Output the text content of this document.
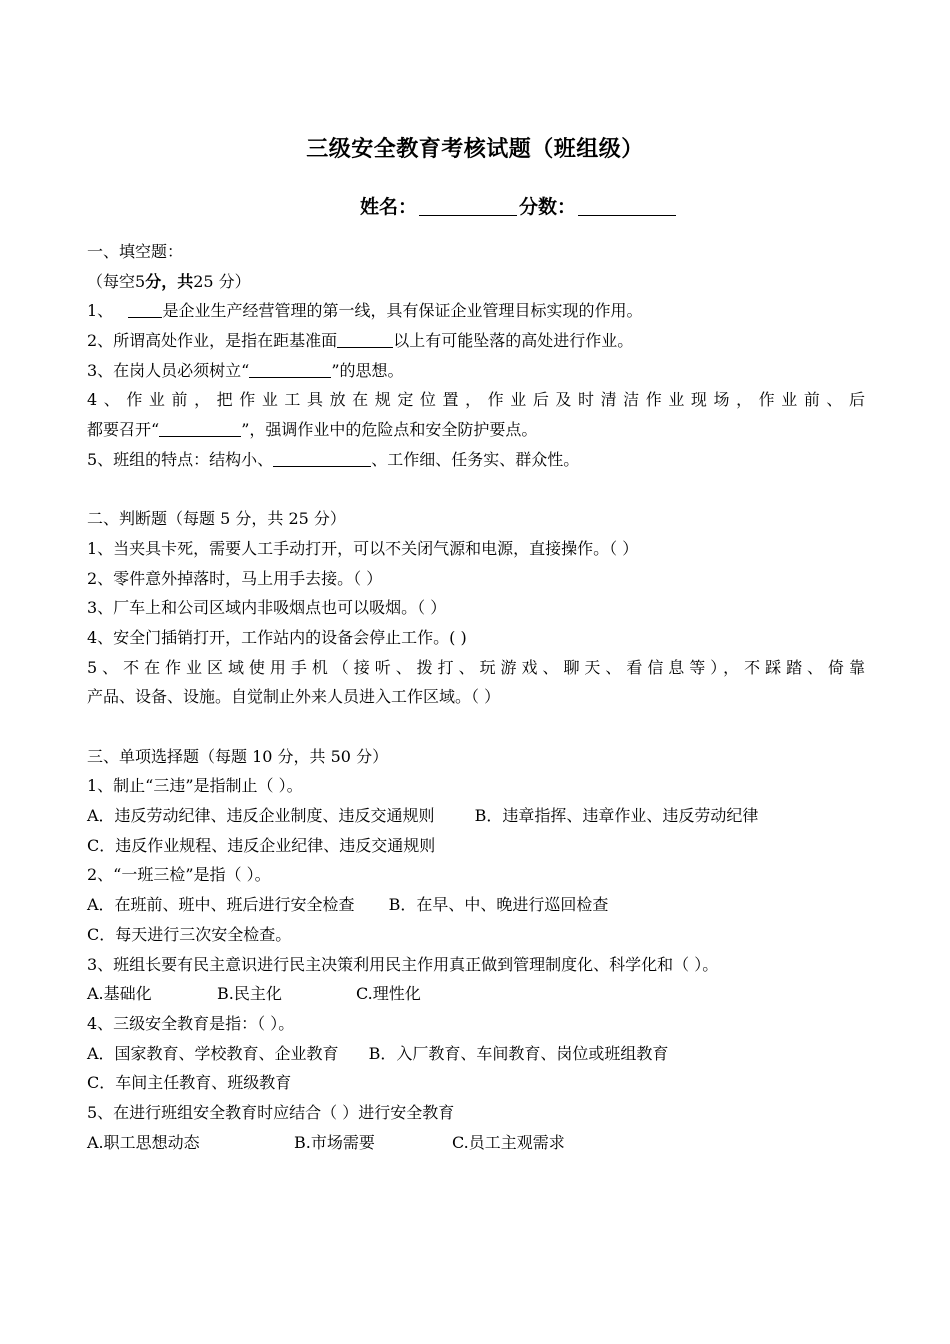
三级安全教育考核试题（班组级）
姓名：	分数：
一、填空题：
（每空5分，共25 分）
1、	是企业生产经营管理的第一线，具有保证企业管理目标实现的作用。
2、所谓高处作业，是指在距基准面	以上有可能坠落的高处进行作业。
3、在岗人员必须树立“	”的思想。
4、作业前，把作业工具放在规定位置，作业后及时清洁作业现场，作业前、后
都要召开“	”，强调作业中的危险点和安全防护要点。
5、班组的特点：结构小、	、工作细、任务实、群众性。
二、判断题（每题 5 分，共 25 分）
1、当夹具卡死，需要人工手动打开，可以不关闭气源和电源，直接操作。（ ）
2、零件意外掉落时，马上用手去接。（ ）
3、厂车上和公司区域内非吸烟点也可以吸烟。（ ）
4、安全门插销打开，工作站内的设备会停止工作。( )
5、不在作业区域使用手机（接听、拨打、玩游戏、聊天、看信息等），不踩踏、倚靠
产品、设备、设施。自觉制止外来人员进入工作区域。（ ）
三、单项选择题（每题 10 分，共 50 分）
1、制止“三违”是指制止（ ）。
A．违反劳动纪律、违反企业制度、违反交通规则	B．违章指挥、违章作业、违反劳动纪律
C．违反作业规程、违反企业纪律、违反交通规则
2、“一班三检”是指（ ）。
A．在班前、班中、班后进行安全检查 B．在早、中、晚进行巡回检查
C．每天进行三次安全检查。
3、班组长要有民主意识进行民主决策利用民主作用真正做到管理制度化、科学化和（ ）。
A.基础化	B.民主化	C.理性化
4、三级安全教育是指：（ ）。
A．国家教育、学校教育、企业教育 B．入厂教育、车间教育、岗位或班组教育
C．车间主任教育、班级教育
5、在进行班组安全教育时应结合（ ）进行安全教育
A.职工思想动态	B.市场需要	C.员工主观需求
